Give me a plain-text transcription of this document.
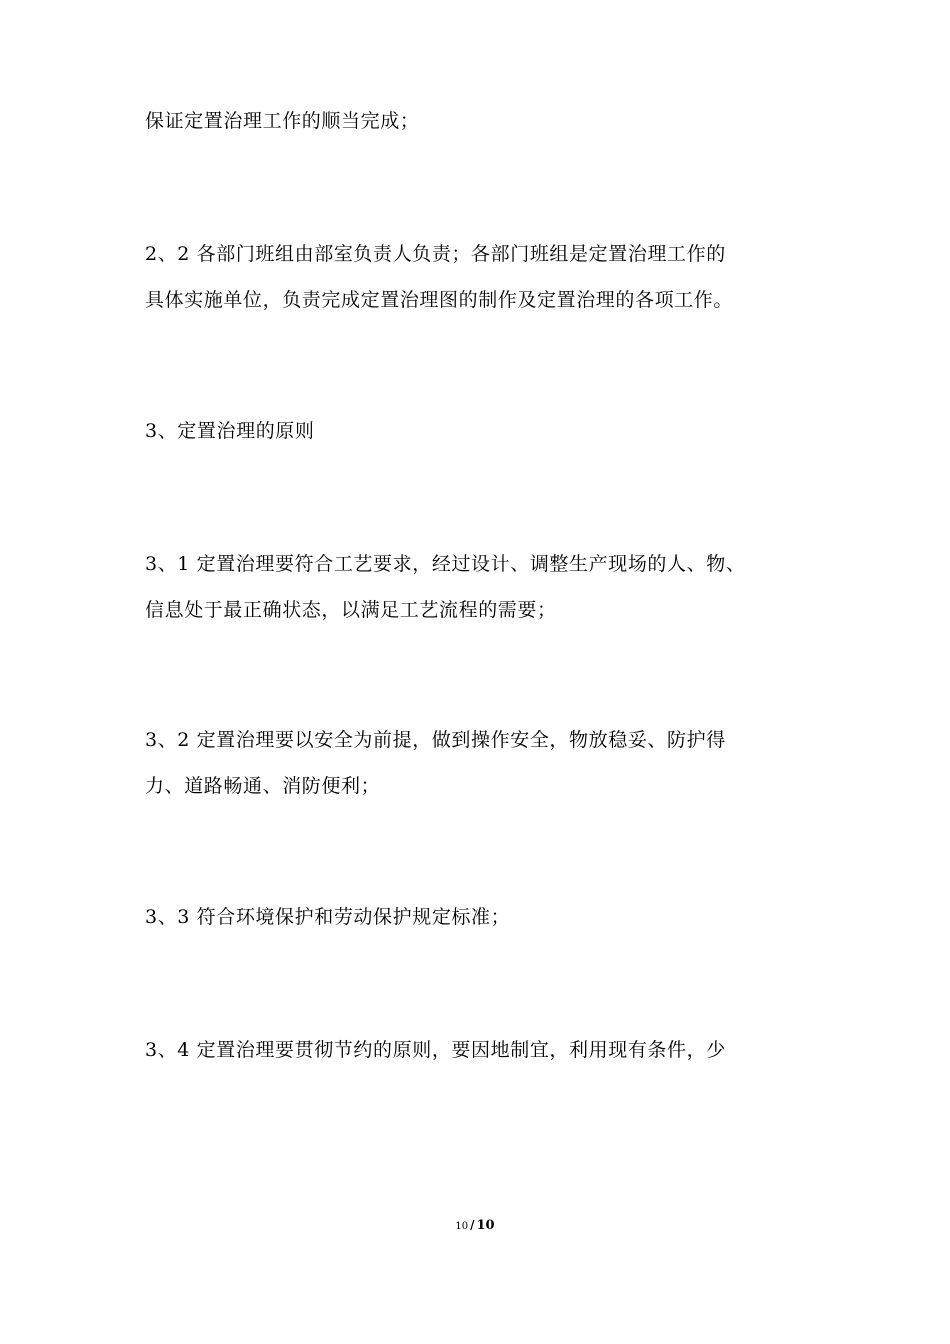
保证定置治理工作的顺当完成；

2、2 各部门班组由部室负责人负责；各部门班组是定置治理工作的
具体实施单位，负责完成定置治理图的制作及定置治理的各项工作。

3、定置治理的原则

3、1 定置治理要符合工艺要求，经过设计、调整生产现场的人、物、
信息处于最正确状态，以满足工艺流程的需要；

3、2 定置治理要以安全为前提，做到操作安全，物放稳妥、防护得
力、道路畅通、消防便利；

3、3 符合环境保护和劳动保护规定标准；

3、4 定置治理要贯彻节约的原则，要因地制宜，利用现有条件，少

10 / 10
